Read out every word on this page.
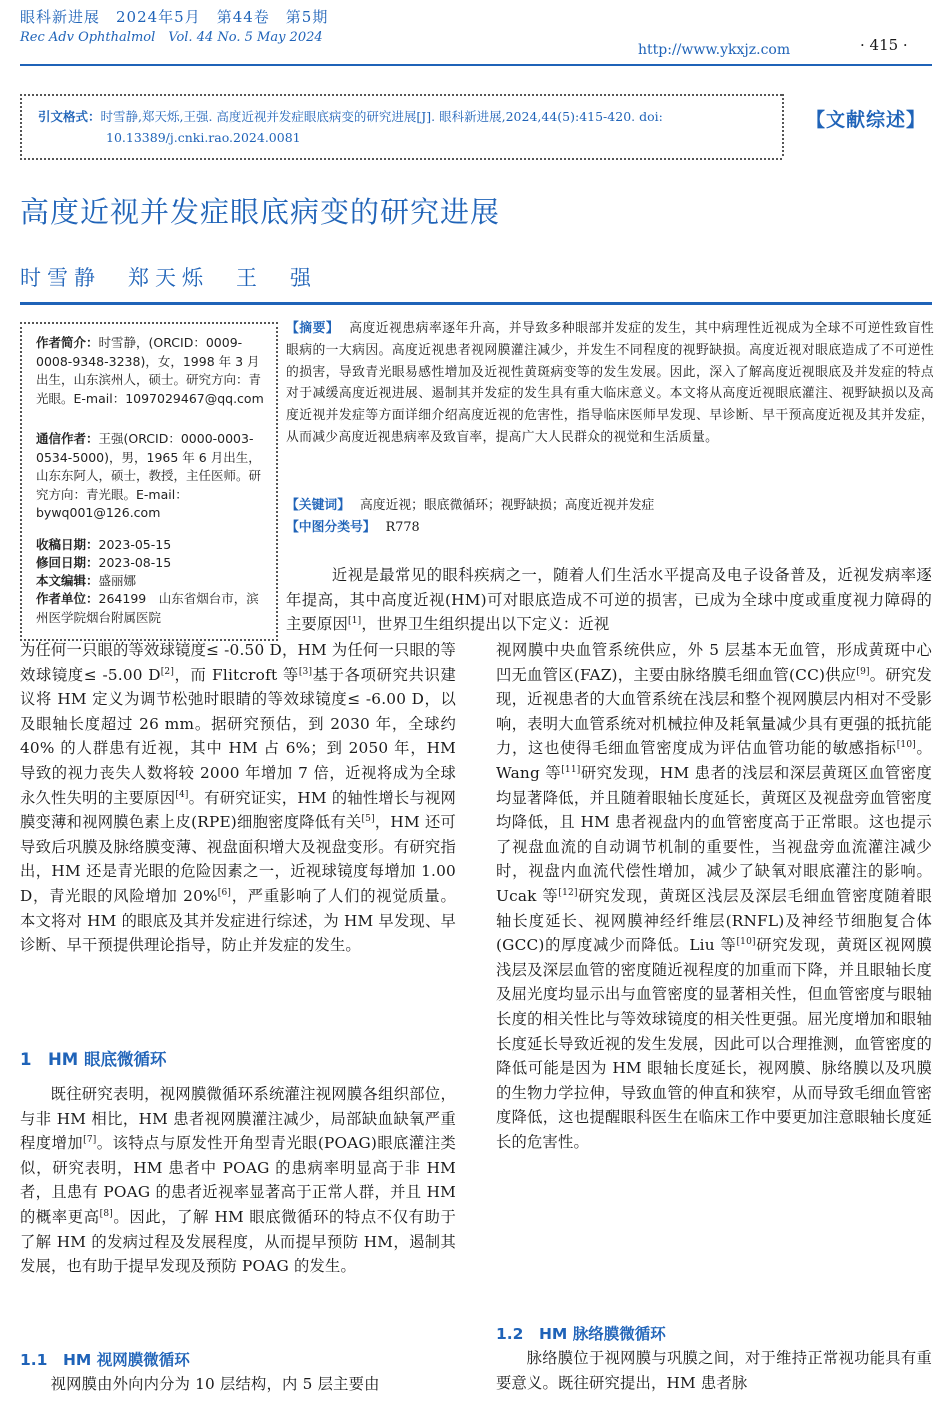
眼科新进展　2024年5月　第44卷　第5期
Rec Adv Ophthalmol　Vol. 44 No. 5 May 2024
http://www.ykxjz.com	· 415 ·
引文格式：时雪静,郑天烁,王强. 高度近视并发症眼底病变的研究进展[J]. 眼科新进展,2024,44(5):415-420. doi:
10.13389/j.cnki.rao.2024.0081
【文献综述】
高度近视并发症眼底病变的研究进展
时雪静　郑天烁　王　强
作者简介：时雪静，(ORCID：0009-0008-9348-3238)，女，1998 年 3 月出生，山东滨州人，硕士。研究方向：青光眼。E-mail：1097029467@qq.com
通信作者：王强(ORCID：0000-0003-0534-5000)，男，1965 年 6 月出生，山东东阿人，硕士，教授，主任医师。研究方向：青光眼。E-mail：bywq001@126.com
收稿日期：2023-05-15
修回日期：2023-08-15
本文编辑：盛丽娜
作者单位：264199　山东省烟台市，滨州医学院烟台附属医院
【摘要】 高度近视患病率逐年升高，并导致多种眼部并发症的发生，其中病理性近视成为全球不可逆性致盲性眼病的一大病因。高度近视患者视网膜灌注减少，并发生不同程度的视野缺损。高度近视对眼底造成了不可逆性的损害，导致青光眼易感性增加及近视性黄斑病变等的发生发展。因此，深入了解高度近视眼底及并发症的特点对于减缓高度近视进展、遏制其并发症的发生具有重大临床意义。本文将从高度近视眼底灌注、视野缺损以及高度近视并发症等方面详细介绍高度近视的危害性，指导临床医师早发现、早诊断、早干预高度近视及其并发症，从而减少高度近视患病率及致盲率，提高广大人民群众的视觉和生活质量。
【关键词】 高度近视；眼底微循环；视野缺损；高度近视并发症
【中图分类号】 R778

近视是最常见的眼科疾病之一，随着人们生活水平提高及电子设备普及，近视发病率逐年提高，其中高度近视(HM)可对眼底造成不可逆的损害，已成为全球中度或重度视力障碍的主要原因[1]，世界卫生组织提出以下定义：近视

为任何一只眼的等效球镜度≤ -0.50 D，HM 为任何一只眼的等效球镜度≤ -5.00 D[2]，而 Flitcroft 等[3]基于各项研究共识建议将 HM 定义为调节松弛时眼睛的等效球镜度≤ -6.00 D，以及眼轴长度超过 26 mm。据研究预估，到 2030 年，全球约 40% 的人群患有近视，其中 HM 占 6%；到 2050 年，HM 导致的视力丧失人数将较 2000 年增加 7 倍，近视将成为全球永久性失明的主要原因[4]。有研究证实，HM 的轴性增长与视网膜变薄和视网膜色素上皮(RPE)细胞密度降低有关[5]，HM 还可导致后巩膜及脉络膜变薄、视盘面积增大及视盘变形。有研究指出，HM 还是青光眼的危险因素之一，近视球镜度每增加 1.00 D，青光眼的风险增加 20%[6]，严重影响了人们的视觉质量。本文将对 HM 的眼底及其并发症进行综述，为 HM 早发现、早诊断、早干预提供理论指导，防止并发症的发生。

1　HM 眼底微循环

既往研究表明，视网膜微循环系统灌注视网膜各组织部位，与非 HM 相比，HM 患者视网膜灌注减少，局部缺血缺氧严重程度增加[7]。该特点与原发性开角型青光眼(POAG)眼底灌注类似，研究表明，HM 患者中 POAG 的患病率明显高于非 HM 者，且患有 POAG 的患者近视率显著高于正常人群，并且 HM 的概率更高[8]。因此，了解 HM 眼底微循环的特点不仅有助于了解 HM 的发病过程及发展程度，从而提早预防 HM，遏制其发展，也有助于提早发现及预防 POAG 的发生。

1.1　HM 视网膜微循环

视网膜由外向内分为 10 层结构，内 5 层主要由

视网膜中央血管系统供应，外 5 层基本无血管，形成黄斑中心凹无血管区(FAZ)，主要由脉络膜毛细血管(CC)供应[9]。研究发现，近视患者的大血管系统在浅层和整个视网膜层内相对不受影响，表明大血管系统对机械拉伸及耗氧量减少具有更强的抵抗能力，这也使得毛细血管密度成为评估血管功能的敏感指标[10]。Wang 等[11]研究发现，HM 患者的浅层和深层黄斑区血管密度均显著降低，并且随着眼轴长度延长，黄斑区及视盘旁血管密度均降低，且 HM 患者视盘内的血管密度高于正常眼。这也提示了视盘血流的自动调节机制的重要性，当视盘旁血流灌注减少时，视盘内血流代偿性增加，减少了缺氧对眼底灌注的影响。Ucak 等[12]研究发现，黄斑区浅层及深层毛细血管密度随着眼轴长度延长、视网膜神经纤维层(RNFL)及神经节细胞复合体(GCC)的厚度减少而降低。Liu 等[10]研究发现，黄斑区视网膜浅层及深层血管的密度随近视程度的加重而下降，并且眼轴长度及屈光度均显示出与血管密度的显著相关性，但血管密度与眼轴长度的相关性比与等效球镜度的相关性更强。屈光度增加和眼轴长度延长导致近视的发生发展，因此可以合理推测，血管密度的降低可能是因为 HM 眼轴长度延长，视网膜、脉络膜以及巩膜的生物力学拉伸，导致血管的伸直和狭窄，从而导致毛细血管密度降低，这也提醒眼科医生在临床工作中要更加注意眼轴长度延长的危害性。

1.2　HM 脉络膜微循环

脉络膜位于视网膜与巩膜之间，对于维持正常视功能具有重要意义。既往研究提出，HM 患者脉
